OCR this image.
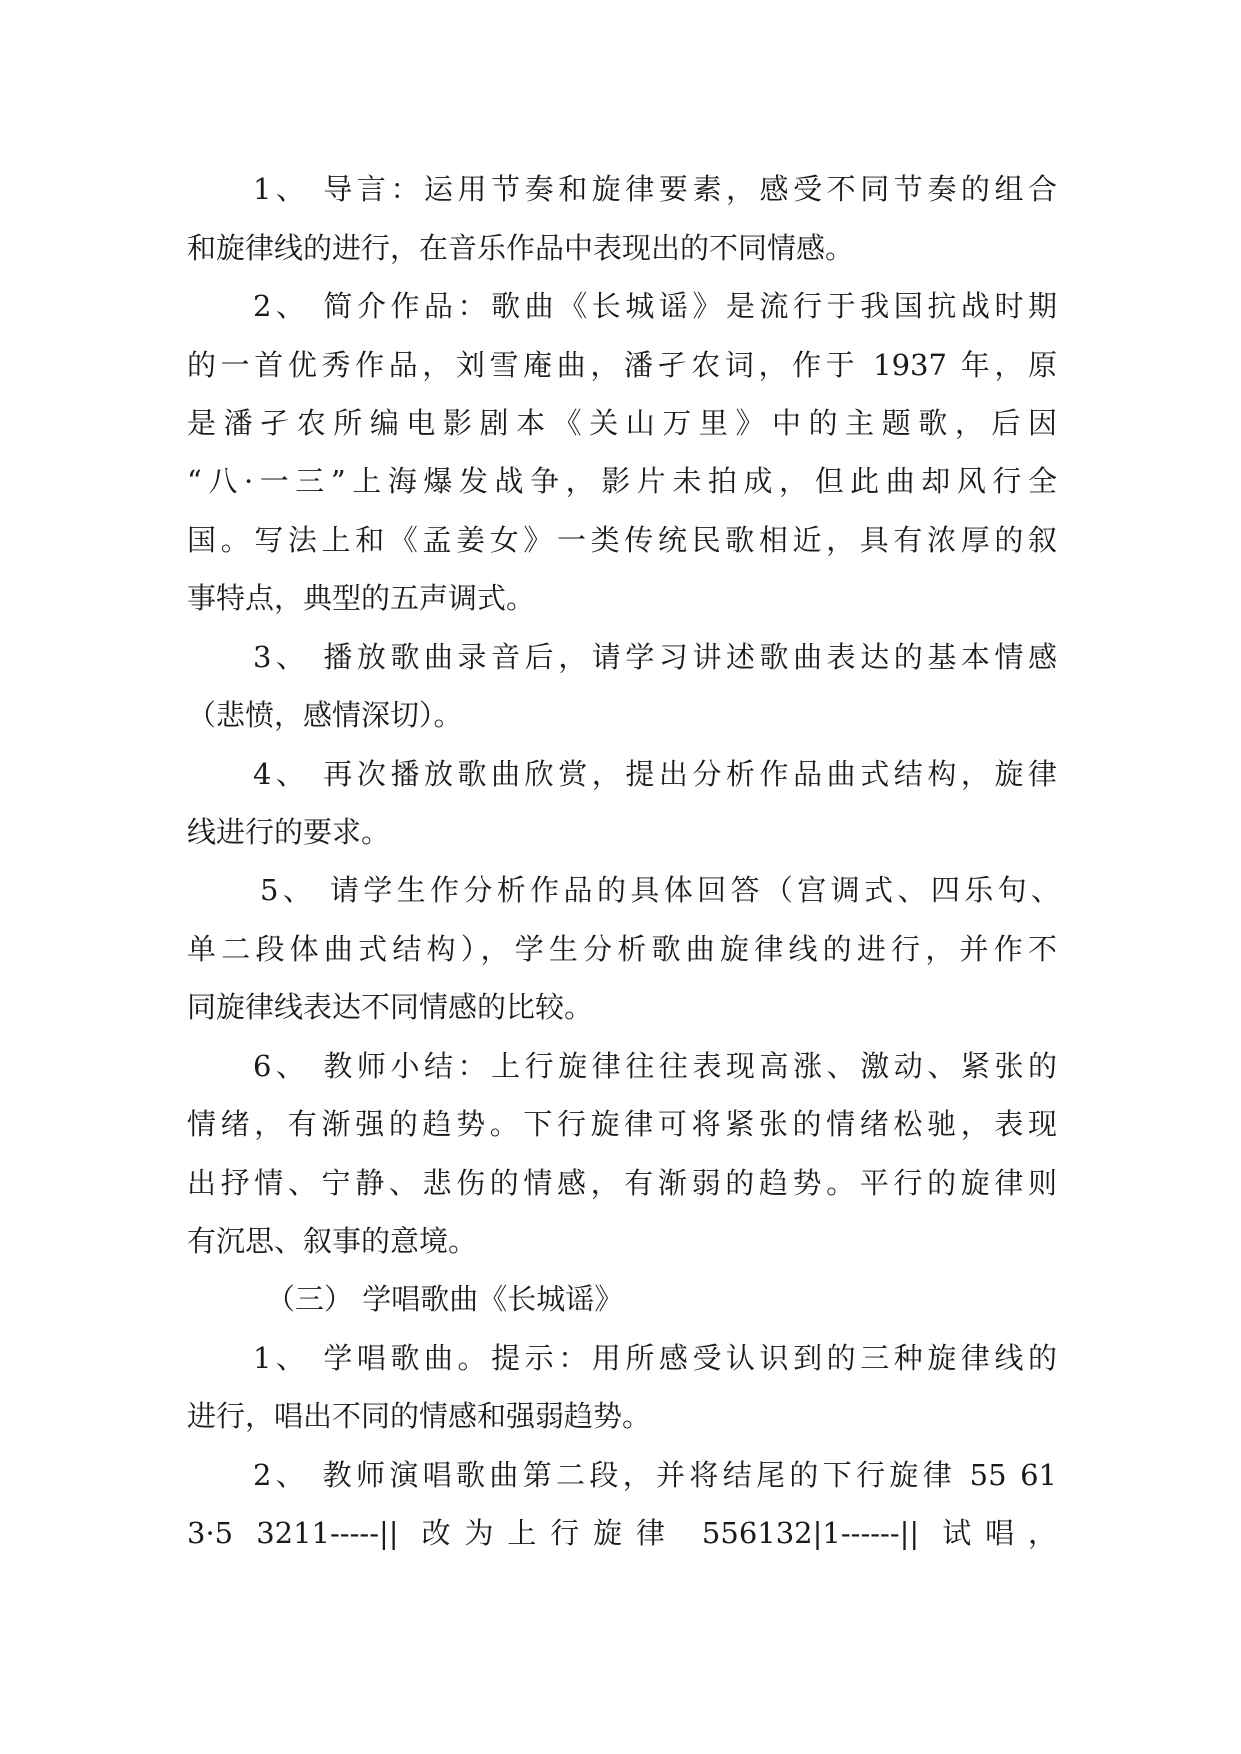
1、 导言：运用节奏和旋律要素，感受不同节奏的组合
和旋律线的进行，在音乐作品中表现出的不同情感。
2、 简介作品：歌曲《长城谣》是流行于我国抗战时期
的一首优秀作品，刘雪庵曲，潘孑农词，作于 1937 年，原
是潘孑农所编电影剧本《关山万里》中的主题歌，后因
“八·一三”上海爆发战争，影片未拍成，但此曲却风行全
国。写法上和《孟姜女》一类传统民歌相近，具有浓厚的叙
事特点，典型的五声调式。
3、 播放歌曲录音后，请学习讲述歌曲表达的基本情感
（悲愤，感情深切）。
4、 再次播放歌曲欣赏，提出分析作品曲式结构，旋律
线进行的要求。
5、 请学生作分析作品的具体回答（宫调式、四乐句、
单二段体曲式结构），学生分析歌曲旋律线的进行，并作不
同旋律线表达不同情感的比较。
6、 教师小结：上行旋律往往表现高涨、激动、紧张的
情绪，有渐强的趋势。下行旋律可将紧张的情绪松驰，表现
出抒情、宁静、悲伤的情感，有渐弱的趋势。平行的旋律则
有沉思、叙事的意境。
（三） 学唱歌曲《长城谣》
1、 学唱歌曲。提示：用所感受认识到的三种旋律线的
进行，唱出不同的情感和强弱趋势。
2、 教师演唱歌曲第二段，并将结尾的下行旋律 55 61
3·5 3211-----|| 改为上行旋律 556132|1------|| 试唱，
